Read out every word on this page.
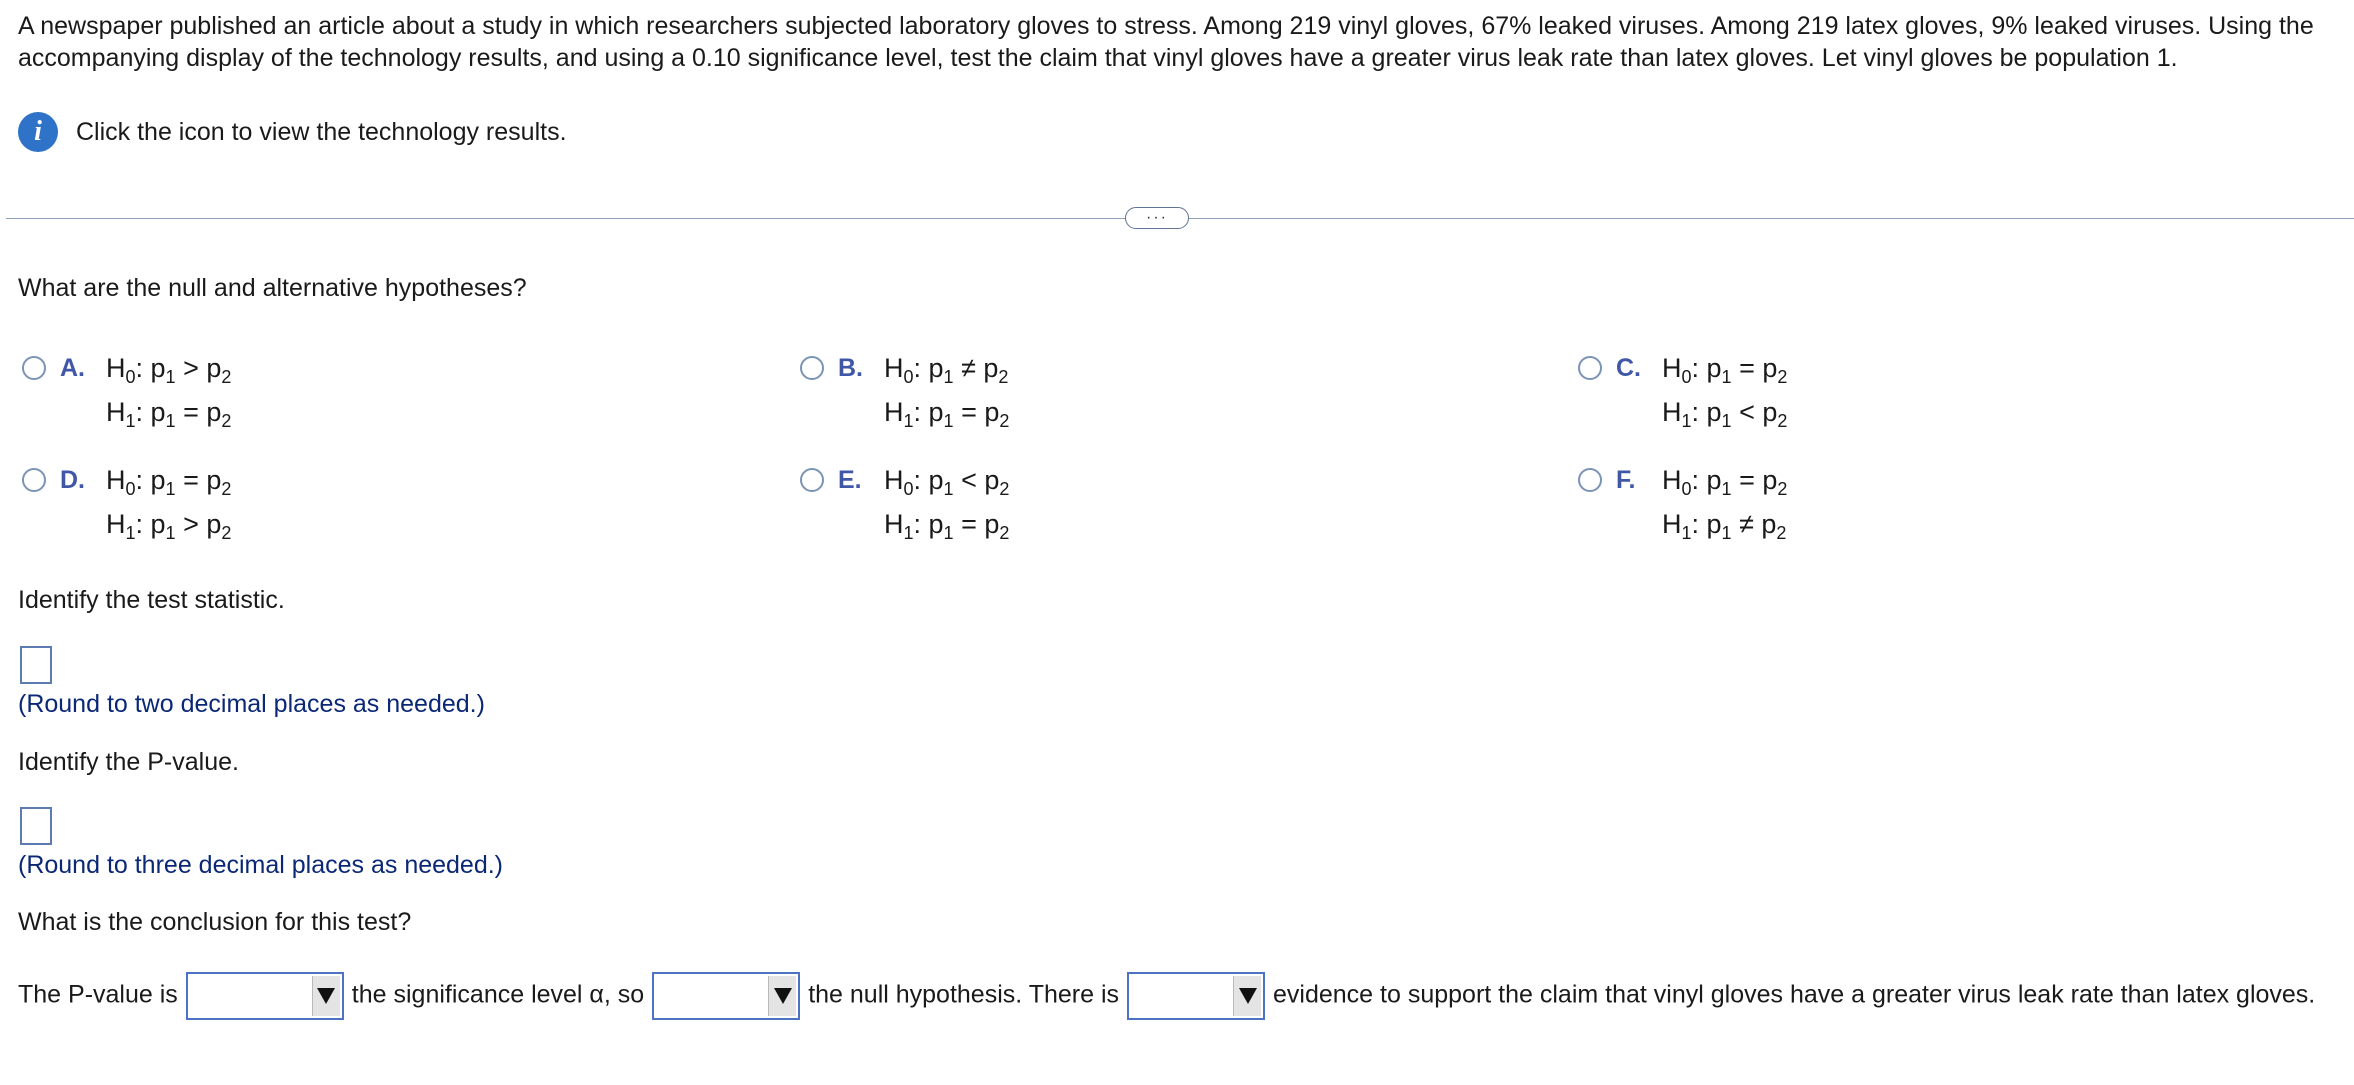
A newspaper published an article about a study in which researchers subjected laboratory gloves to stress. Among 219 vinyl gloves, 67% leaked viruses. Among 219 latex gloves, 9% leaked viruses. Using the accompanying display of the technology results, and using a 0.10 significance level, test the claim that vinyl gloves have a greater virus leak rate than latex gloves. Let vinyl gloves be population 1.
i	Click the icon to view the technology results.
···
What are the null and alternative hypotheses?
A. $H_0$: $p_1 > p_2$
$H_1$: $p_1 = p_2$
B. $H_0$: $p_1 \ne p_2$
$H_1$: $p_1 = p_2$
C. $H_0$: $p_1 = p_2$
$H_1$: $p_1 < p_2$
D. $H_0$: $p_1 = p_2$
$H_1$: $p_1 > p_2$
E. $H_0$: $p_1 < p_2$
$H_1$: $p_1 = p_2$
F. $H_0$: $p_1 = p_2$
$H_1$: $p_1 \ne p_2$
Identify the test statistic.
(Round to two decimal places as needed.)
Identify the P-value.
(Round to three decimal places as needed.)
What is the conclusion for this test?
The P-value is	the significance level α, so	the null hypothesis. There is	evidence to support the claim that vinyl gloves have a greater virus leak rate than latex gloves.
